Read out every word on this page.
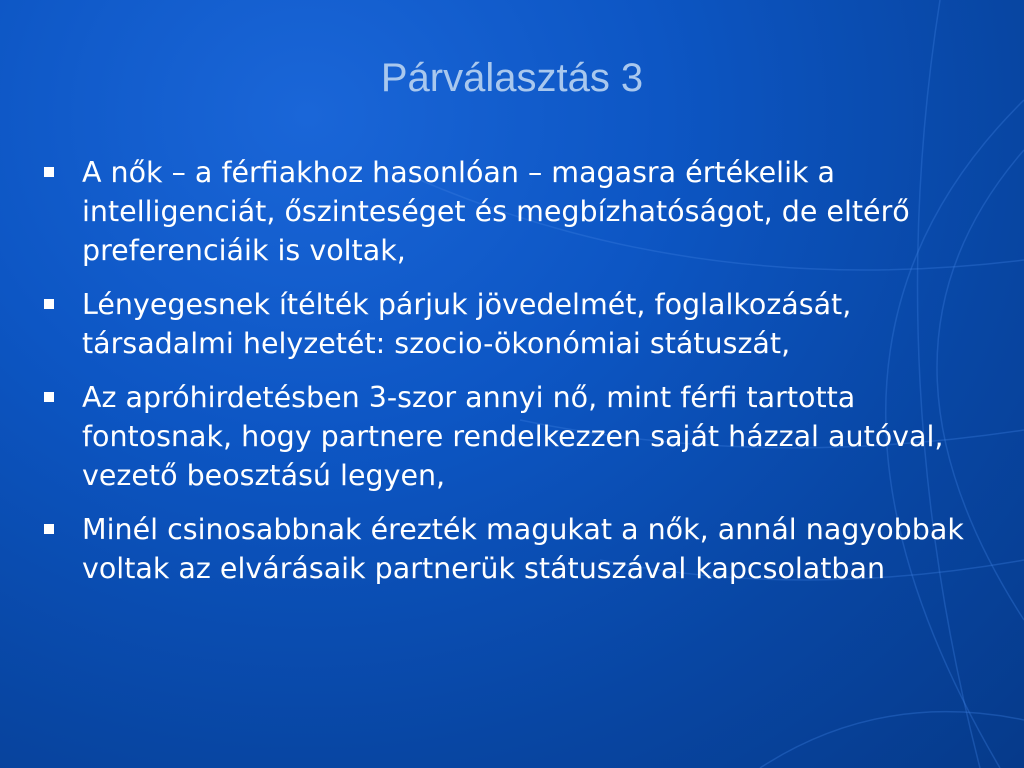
Párválasztás 3
A nők – a férfiakhoz hasonlóan – magasra értékelik a intelligenciát, őszinteséget és megbízhatóságot, de eltérő preferenciáik is voltak,
Lényegesnek ítélték párjuk jövedelmét, foglalkozását, társadalmi helyzetét: szocio-ökonómiai státuszát,
Az apróhirdetésben 3-szor annyi nő, mint férfi tartotta fontosnak, hogy partnere rendelkezzen saját házzal autóval, vezető beosztású legyen,
Minél csinosabbnak érezték magukat a nők, annál nagyobbak voltak az elvárásaik partnerük státuszával kapcsolatban
